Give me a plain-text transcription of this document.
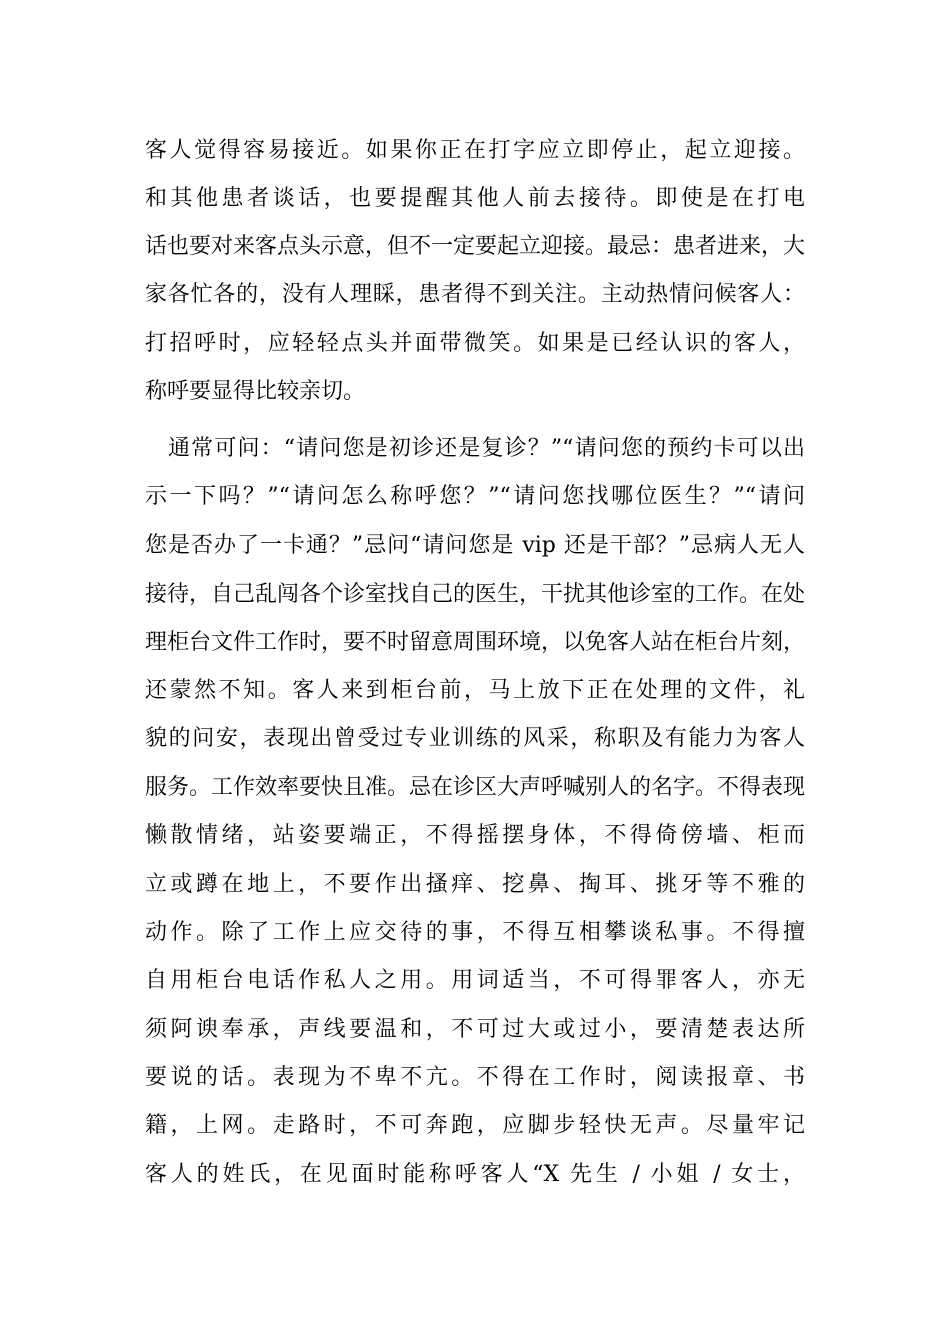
客人觉得容易接近。如果你正在打字应立即停止，起立迎接。
和其他患者谈话，也要提醒其他人前去接待。即使是在打电
话也要对来客点头示意，但不一定要起立迎接。最忌：患者进来，大
家各忙各的，没有人理睬，患者得不到关注。主动热情问候客人：
打招呼时，应轻轻点头并面带微笑。如果是已经认识的客人，
称呼要显得比较亲切。
通常可问：“请问您是初诊还是复诊？”“请问您的预约卡可以出
示一下吗？”“请问怎么称呼您？”“请问您找哪位医生？”“请问
您是否办了一卡通？”忌问“请问您是 vip 还是干部？”忌病人无人
接待，自己乱闯各个诊室找自己的医生，干扰其他诊室的工作。在处
理柜台文件工作时，要不时留意周围环境，以免客人站在柜台片刻，
还蒙然不知。客人来到柜台前，马上放下正在处理的文件，礼
貌的问安，表现出曾受过专业训练的风采，称职及有能力为客人
服务。工作效率要快且准。忌在诊区大声呼喊别人的名字。不得表现
懒散情绪，站姿要端正，不得摇摆身体，不得倚傍墙、柜而
立或蹲在地上，不要作出搔痒、挖鼻、掏耳、挑牙等不雅的
动作。除了工作上应交待的事，不得互相攀谈私事。不得擅
自用柜台电话作私人之用。用词适当，不可得罪客人，亦无
须阿谀奉承，声线要温和，不可过大或过小，要清楚表达所
要说的话。表现为不卑不亢。不得在工作时，阅读报章、书
籍，上网。走路时，不可奔跑，应脚步轻快无声。尽量牢记
客人的姓氏，在见面时能称呼客人“X 先生 / 小姐 / 女士，
